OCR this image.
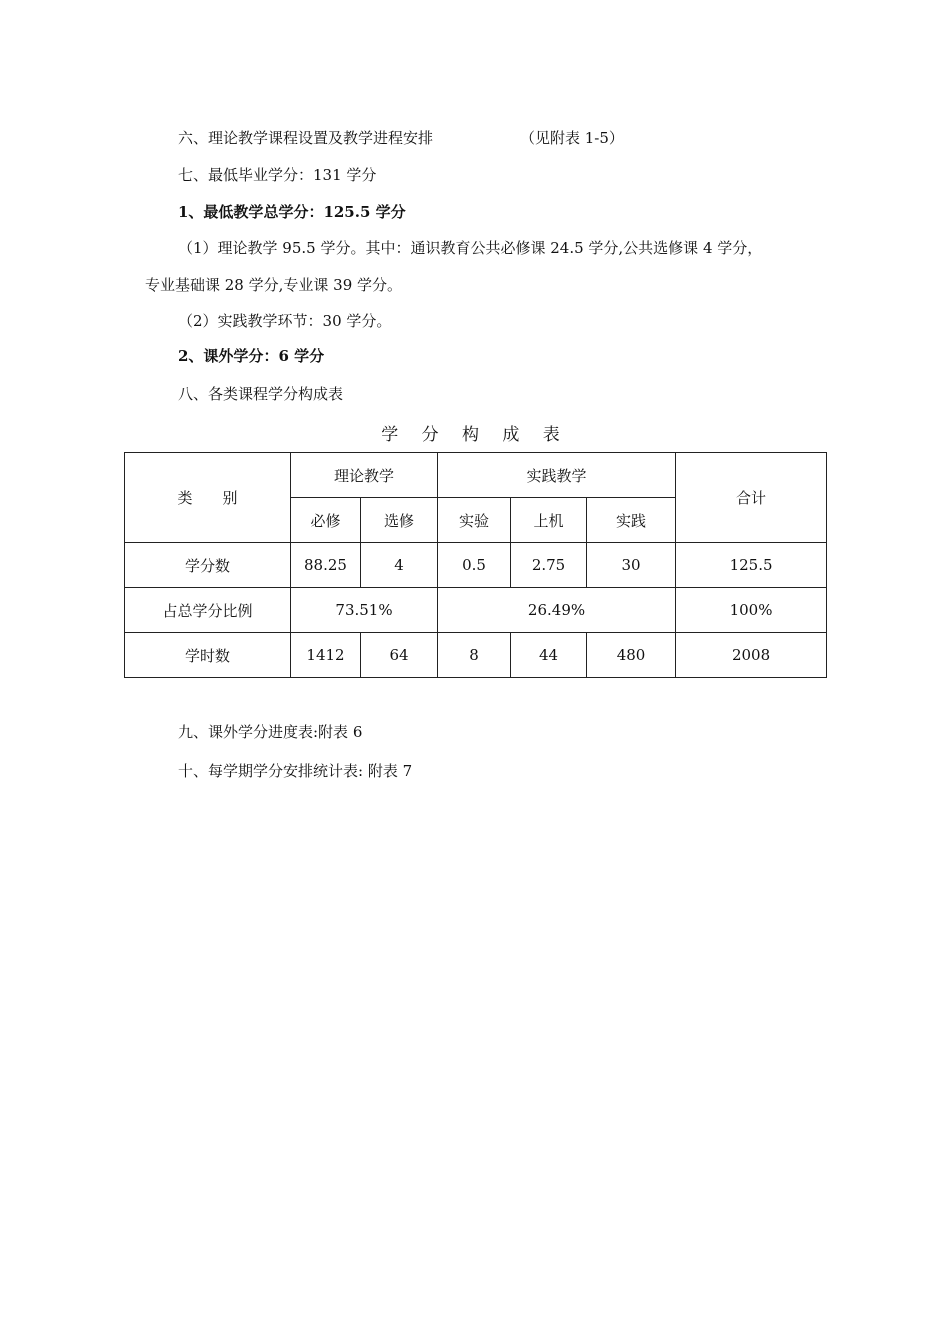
六、理论教学课程设置及教学进程安排	（见附表 1-5）
七、最低毕业学分：131 学分
1、最低教学总学分：125.5 学分
（1）理论教学 95.5 学分。其中：通识教育公共必修课 24.5 学分,公共选修课 4 学分，
专业基础课 28 学分,专业课 39 学分。
（2）实践教学环节：30 学分。
2、课外学分：6 学分
八、各类课程学分构成表
学 分 构 成 表
类 别	理论教学		实践教学			合计
	必修	选修	实验	上机	实践	
学分数	88.25	4	0.5	2.75	30	125.5
占总学分比例	73.51%		26.49%			100%
学时数	1412	64	8	44	480	2008
九、课外学分进度表:附表 6
十、每学期学分安排统计表: 附表 7
